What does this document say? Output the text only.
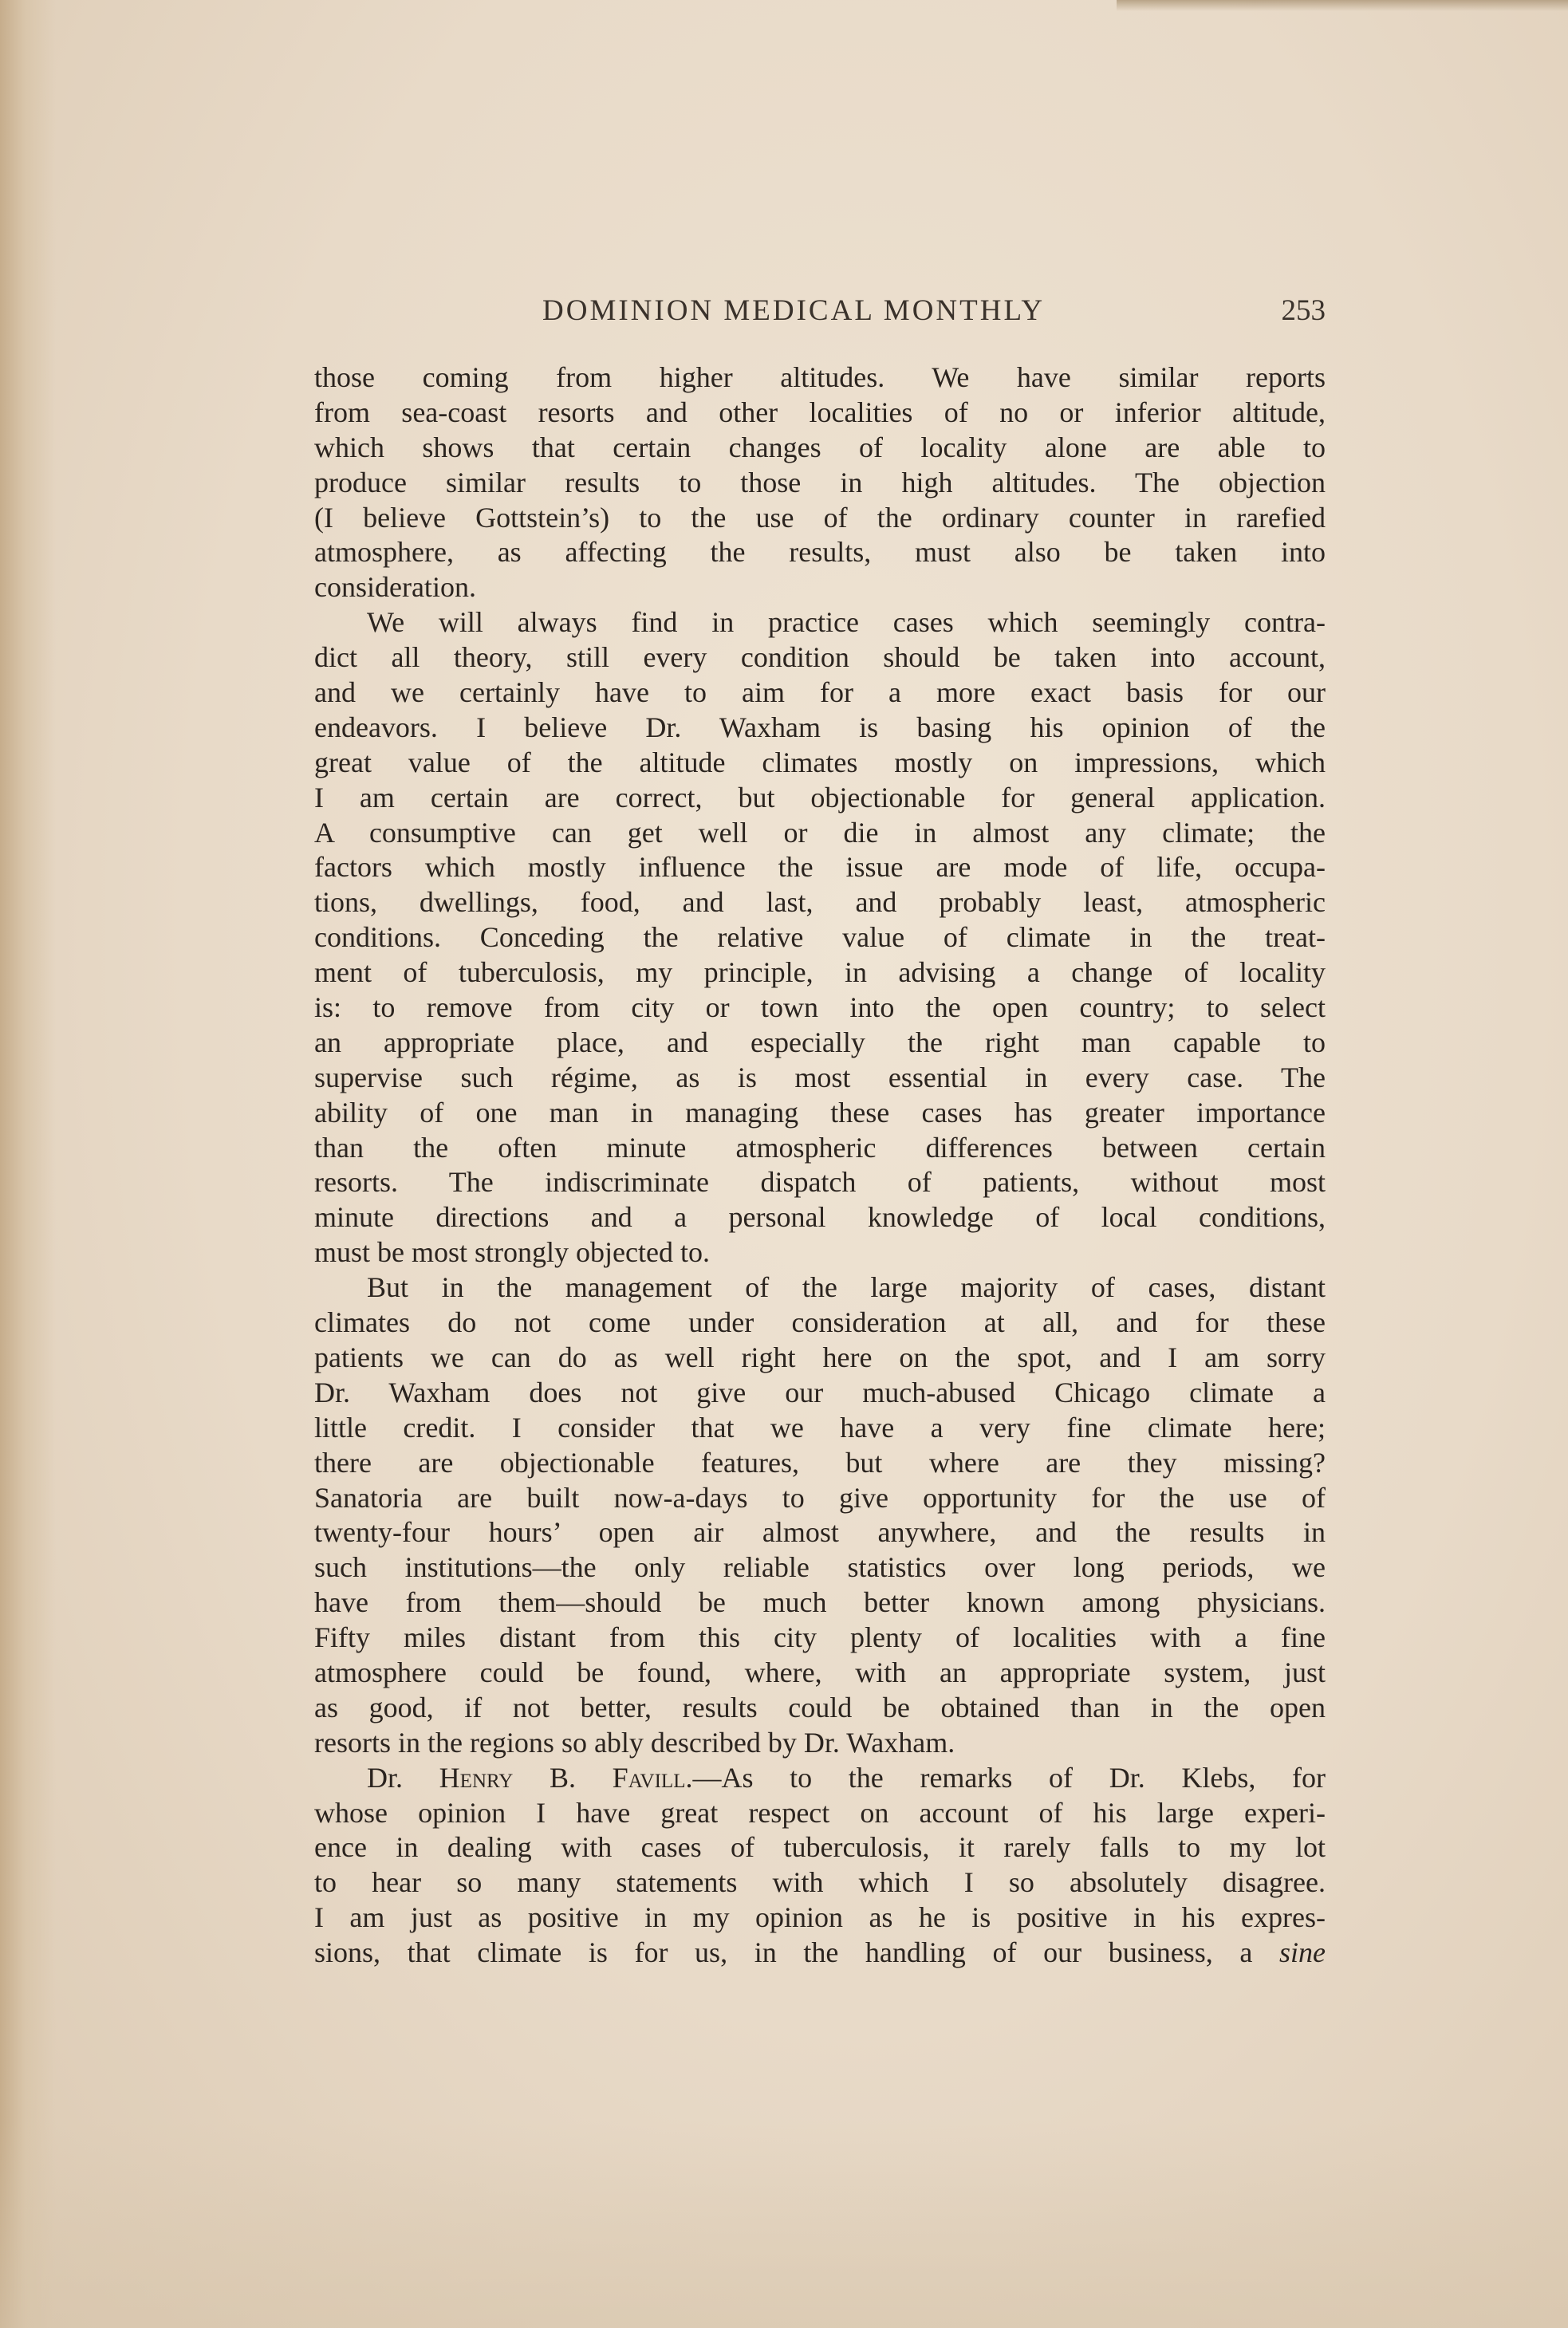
DOMINION MEDICAL MONTHLY	253
those coming from higher altitudes. We have similar reports
from sea-coast resorts and other localities of no or inferior altitude,
which shows that certain changes of locality alone are able to
produce similar results to those in high altitudes. The objection
(I believe Gottstein’s) to the use of the ordinary counter in rarefied
atmosphere, as affecting the results, must also be taken into
consideration.
We will always find in practice cases which seemingly contra-
dict all theory, still every condition should be taken into account,
and we certainly have to aim for a more exact basis for our
endeavors. I believe Dr. Waxham is basing his opinion of the
great value of the altitude climates mostly on impressions, which
I am certain are correct, but objectionable for general application.
A consumptive can get well or die in almost any climate; the
factors which mostly influence the issue are mode of life, occupa-
tions, dwellings, food, and last, and probably least, atmospheric
conditions. Conceding the relative value of climate in the treat-
ment of tuberculosis, my principle, in advising a change of locality
is: to remove from city or town into the open country; to select
an appropriate place, and especially the right man capable to
supervise such régime, as is most essential in every case. The
ability of one man in managing these cases has greater importance
than the often minute atmospheric differences between certain
resorts. The indiscriminate dispatch of patients, without most
minute directions and a personal knowledge of local conditions,
must be most strongly objected to.
But in the management of the large majority of cases, distant
climates do not come under consideration at all, and for these
patients we can do as well right here on the spot, and I am sorry
Dr. Waxham does not give our much-abused Chicago climate a
little credit. I consider that we have a very fine climate here;
there are objectionable features, but where are they missing?
Sanatoria are built now-a-days to give opportunity for the use of
twenty-four hours’ open air almost anywhere, and the results in
such institutions—the only reliable statistics over long periods, we
have from them—should be much better known among physicians.
Fifty miles distant from this city plenty of localities with a fine
atmosphere could be found, where, with an appropriate system, just
as good, if not better, results could be obtained than in the open
resorts in the regions so ably described by Dr. Waxham.
Dr. Henry B. Favill.—As to the remarks of Dr. Klebs, for
whose opinion I have great respect on account of his large experi-
ence in dealing with cases of tuberculosis, it rarely falls to my lot
to hear so many statements with which I so absolutely disagree.
I am just as positive in my opinion as he is positive in his expres-
sions, that climate is for us, in the handling of our business, a sine
